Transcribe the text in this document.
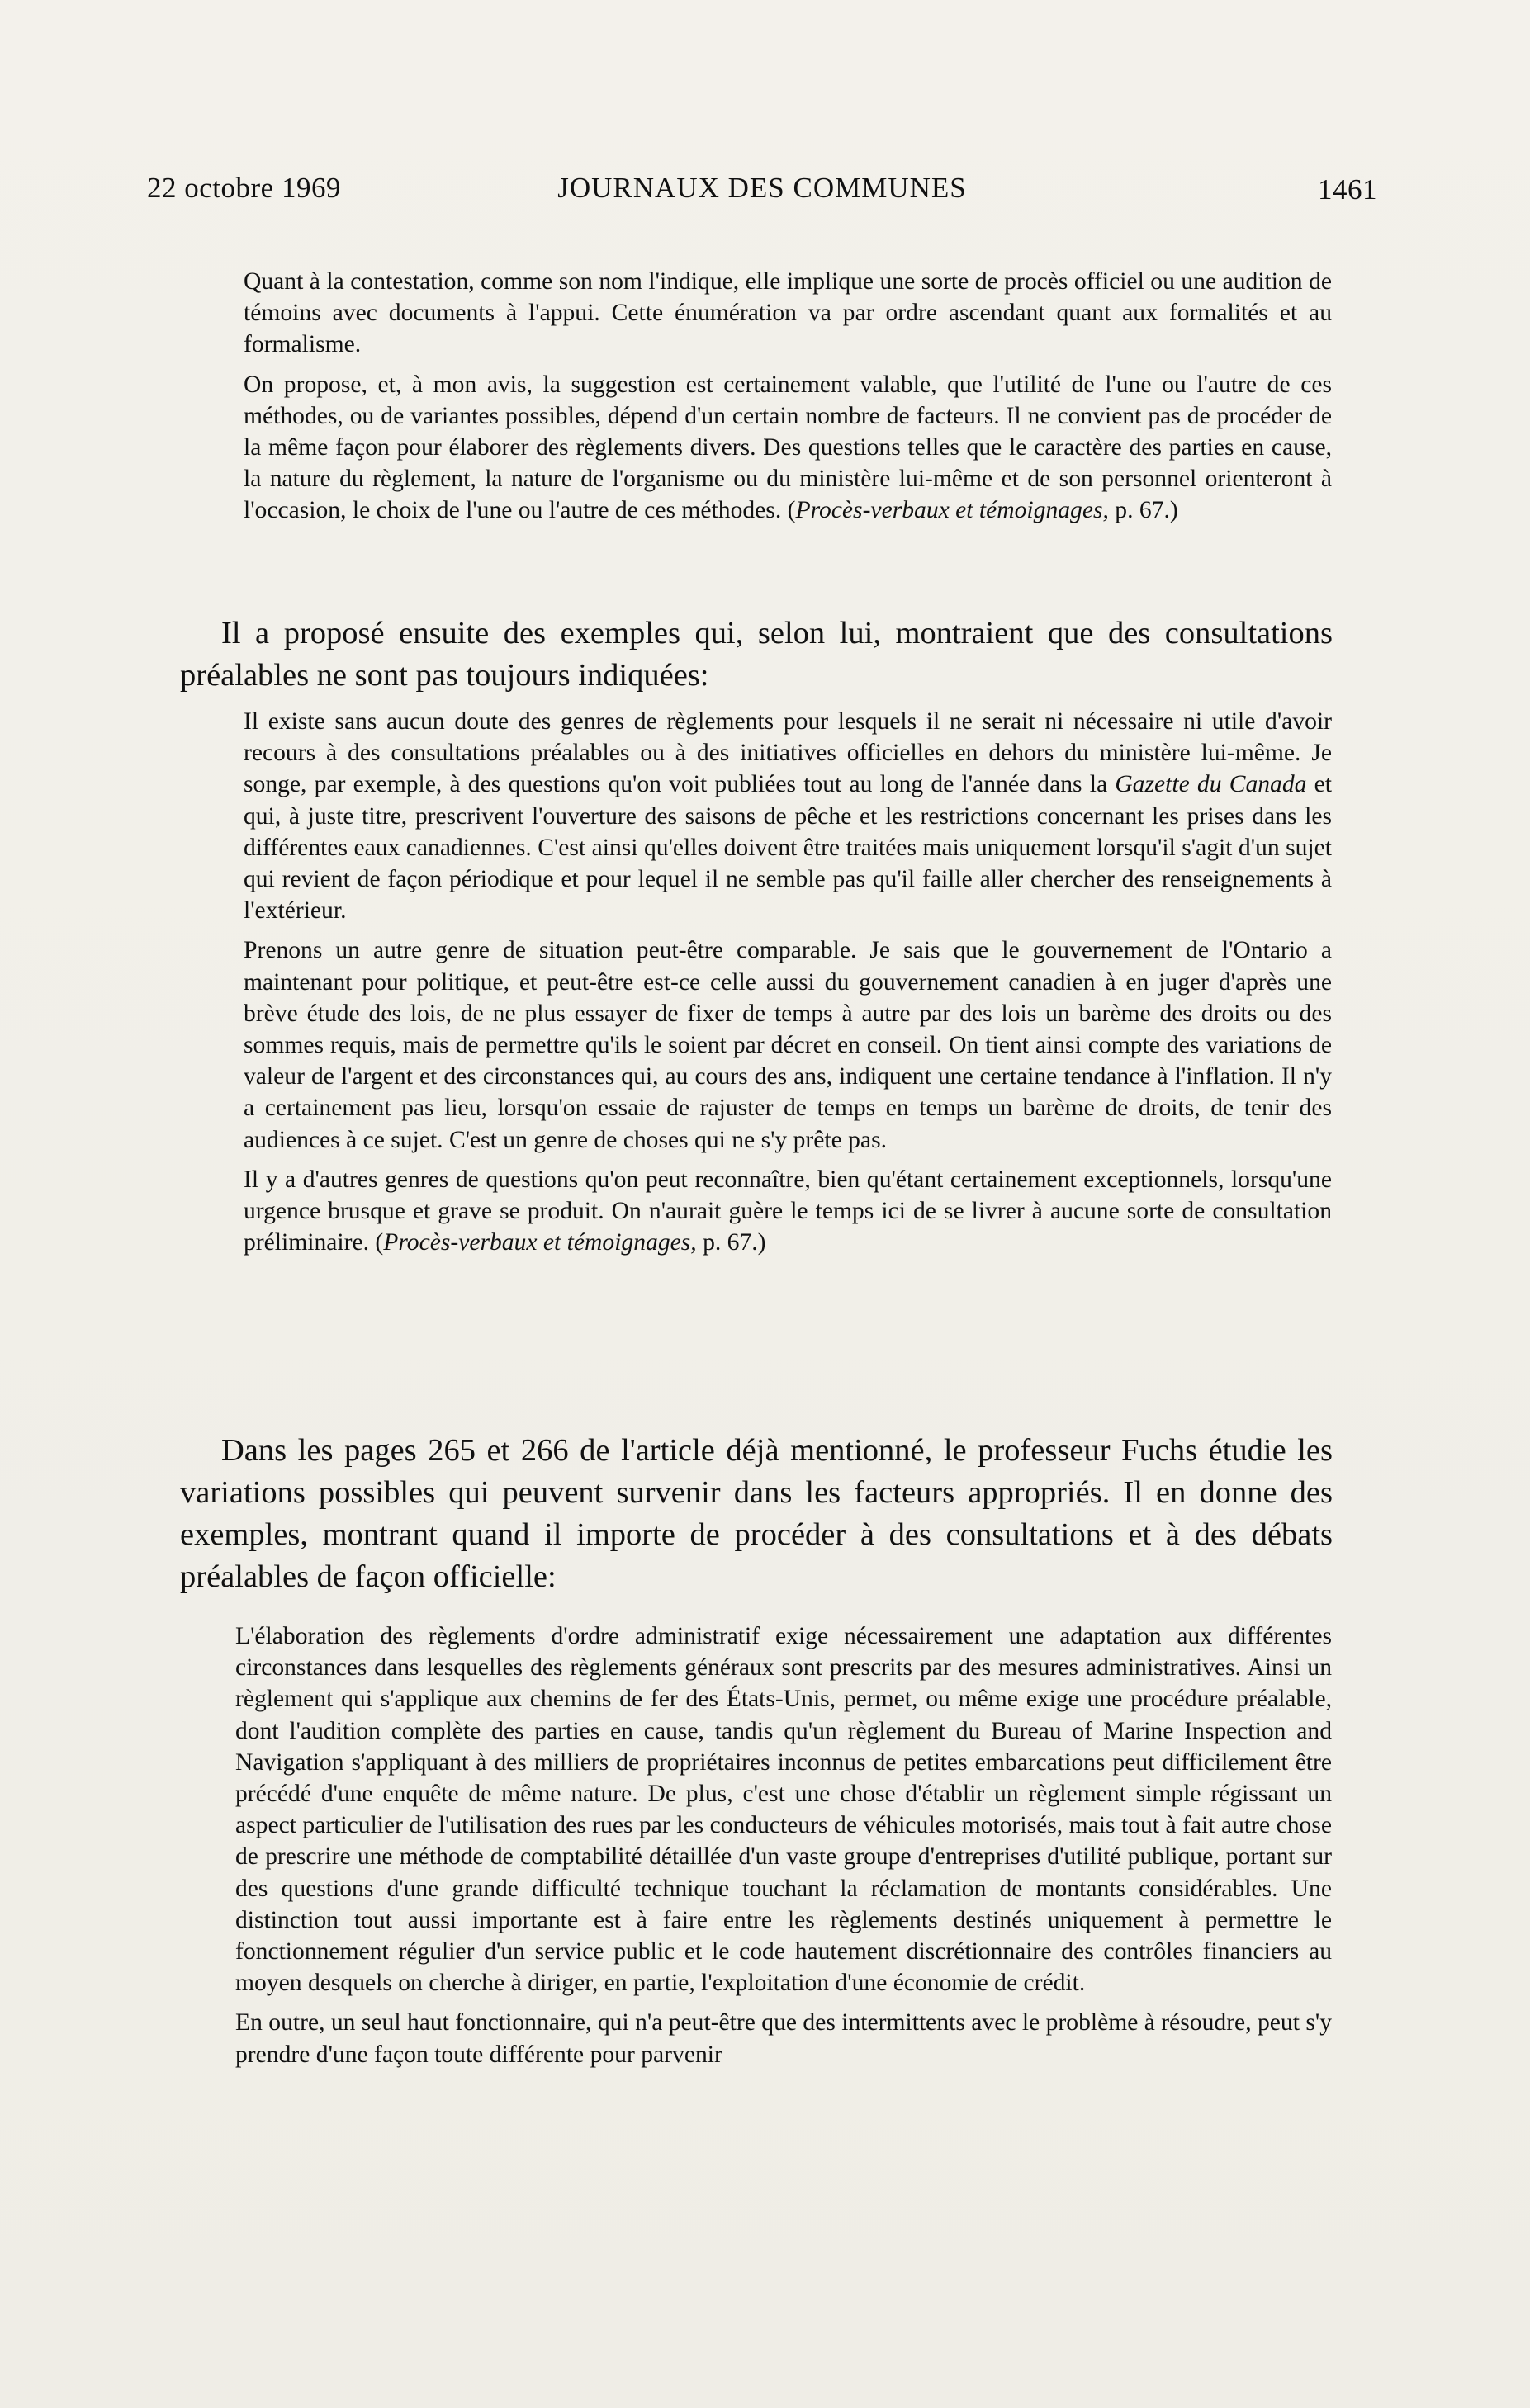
22 octobre 1969	JOURNAUX DES COMMUNES	1461

Quant à la contestation, comme son nom l'indique, elle implique une sorte de procès officiel ou une audition de témoins avec documents à l'appui. Cette énumération va par ordre ascendant quant aux formalités et au formalisme.

On propose, et, à mon avis, la suggestion est certainement valable, que l'utilité de l'une ou l'autre de ces méthodes, ou de variantes possibles, dépend d'un certain nombre de facteurs. Il ne convient pas de procéder de la même façon pour élaborer des règlements divers. Des questions telles que le caractère des parties en cause, la nature du règlement, la nature de l'organisme ou du ministère lui-même et de son personnel orienteront à l'occasion, le choix de l'une ou l'autre de ces méthodes. (Procès-verbaux et témoignages, p. 67.)

Il a proposé ensuite des exemples qui, selon lui, montraient que des consultations préalables ne sont pas toujours indiquées:

Il existe sans aucun doute des genres de règlements pour lesquels il ne serait ni nécessaire ni utile d'avoir recours à des consultations préalables ou à des initiatives officielles en dehors du ministère lui-même. Je songe, par exemple, à des questions qu'on voit publiées tout au long de l'année dans la Gazette du Canada et qui, à juste titre, prescrivent l'ouverture des saisons de pêche et les restrictions concernant les prises dans les différentes eaux canadiennes. C'est ainsi qu'elles doivent être traitées mais uniquement lorsqu'il s'agit d'un sujet qui revient de façon périodique et pour lequel il ne semble pas qu'il faille aller chercher des renseignements à l'extérieur.

Prenons un autre genre de situation peut-être comparable. Je sais que le gouvernement de l'Ontario a maintenant pour politique, et peut-être est-ce celle aussi du gouvernement canadien à en juger d'après une brève étude des lois, de ne plus essayer de fixer de temps à autre par des lois un barème des droits ou des sommes requis, mais de permettre qu'ils le soient par décret en conseil. On tient ainsi compte des variations de valeur de l'argent et des circonstances qui, au cours des ans, indiquent une certaine tendance à l'inflation. Il n'y a certainement pas lieu, lorsqu'on essaie de rajuster de temps en temps un barème de droits, de tenir des audiences à ce sujet. C'est un genre de choses qui ne s'y prête pas.

Il y a d'autres genres de questions qu'on peut reconnaître, bien qu'étant certainement exceptionnels, lorsqu'une urgence brusque et grave se produit. On n'aurait guère le temps ici de se livrer à aucune sorte de consultation préliminaire. (Procès-verbaux et témoignages, p. 67.)

Dans les pages 265 et 266 de l'article déjà mentionné, le professeur Fuchs étudie les variations possibles qui peuvent survenir dans les facteurs appropriés. Il en donne des exemples, montrant quand il importe de procéder à des consultations et à des débats préalables de façon officielle:

L'élaboration des règlements d'ordre administratif exige nécessairement une adaptation aux différentes circonstances dans lesquelles des règlements généraux sont prescrits par des mesures administratives. Ainsi un règlement qui s'applique aux chemins de fer des États-Unis, permet, ou même exige une procédure préalable, dont l'audition complète des parties en cause, tandis qu'un règlement du Bureau of Marine Inspection and Navigation s'appliquant à des milliers de propriétaires inconnus de petites embarcations peut difficilement être précédé d'une enquête de même nature. De plus, c'est une chose d'établir un règlement simple régissant un aspect particulier de l'utilisation des rues par les conducteurs de véhicules motorisés, mais tout à fait autre chose de prescrire une méthode de comptabilité détaillée d'un vaste groupe d'entreprises d'utilité publique, portant sur des questions d'une grande difficulté technique touchant la réclamation de montants considérables. Une distinction tout aussi importante est à faire entre les règlements destinés uniquement à permettre le fonctionnement régulier d'un service public et le code hautement discrétionnaire des contrôles financiers au moyen desquels on cherche à diriger, en partie, l'exploitation d'une économie de crédit.

En outre, un seul haut fonctionnaire, qui n'a peut-être que des intermittents avec le problème à résoudre, peut s'y prendre d'une façon toute différente pour parvenir
